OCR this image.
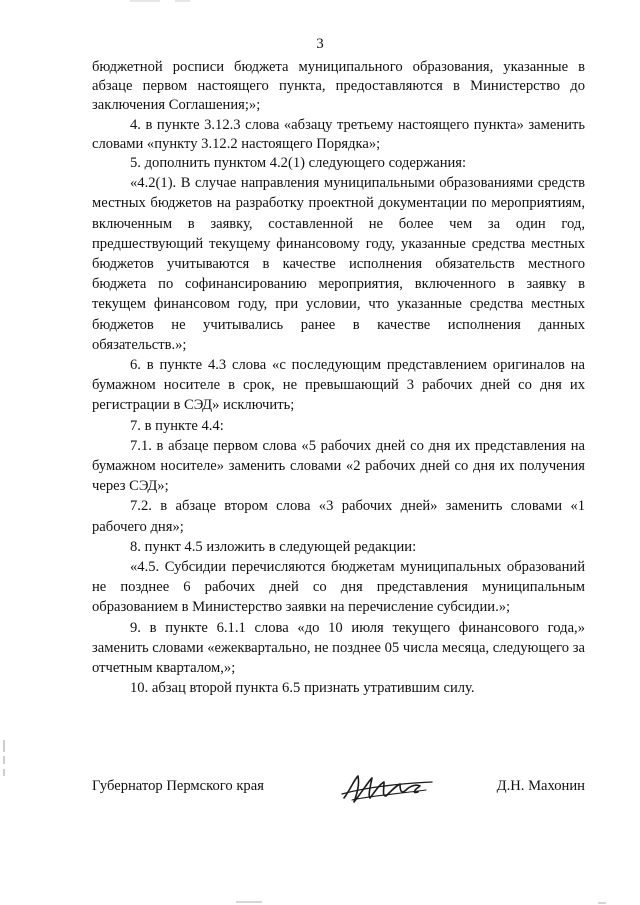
3

бюджетной росписи бюджета муниципального образования, указанные в абзаце первом настоящего пункта, предоставляются в Министерство до заключения Соглашения;»;

4. в пункте 3.12.3 слова «абзацу третьему настоящего пункта» заменить словами «пункту 3.12.2 настоящего Порядка»;

5. дополнить пунктом 4.2(1) следующего содержания:

«4.2(1). В случае направления муниципальными образованиями средств местных бюджетов на разработку проектной документации по мероприятиям, включенным в заявку, составленной не более чем за один год, предшествующий текущему финансовому году, указанные средства местных бюджетов учитываются в качестве исполнения обязательств местного бюджета по софинансированию мероприятия, включенного в заявку в текущем финансовом году, при условии, что указанные средства местных бюджетов не учитывались ранее в качестве исполнения данных обязательств.»;

6. в пункте 4.3 слова «с последующим представлением оригиналов на бумажном носителе в срок, не превышающий 3 рабочих дней со дня их регистрации в СЭД» исключить;

7. в пункте 4.4:

7.1. в абзаце первом слова «5 рабочих дней со дня их представления на бумажном носителе» заменить словами «2 рабочих дней со дня их получения через СЭД»;

7.2. в абзаце втором слова «3 рабочих дней» заменить словами «1 рабочего дня»;

8. пункт 4.5 изложить в следующей редакции:

«4.5. Субсидии перечисляются бюджетам муниципальных образований не позднее 6 рабочих дней со дня представления муниципальным образованием в Министерство заявки на перечисление субсидии.»;

9. в пункте 6.1.1 слова «до 10 июля текущего финансового года,» заменить словами «ежеквартально, не позднее 05 числа месяца, следующего за отчетным кварталом,»;

10. абзац второй пункта 6.5 признать утратившим силу.

Губернатор Пермского края	Д.Н. Махонин
